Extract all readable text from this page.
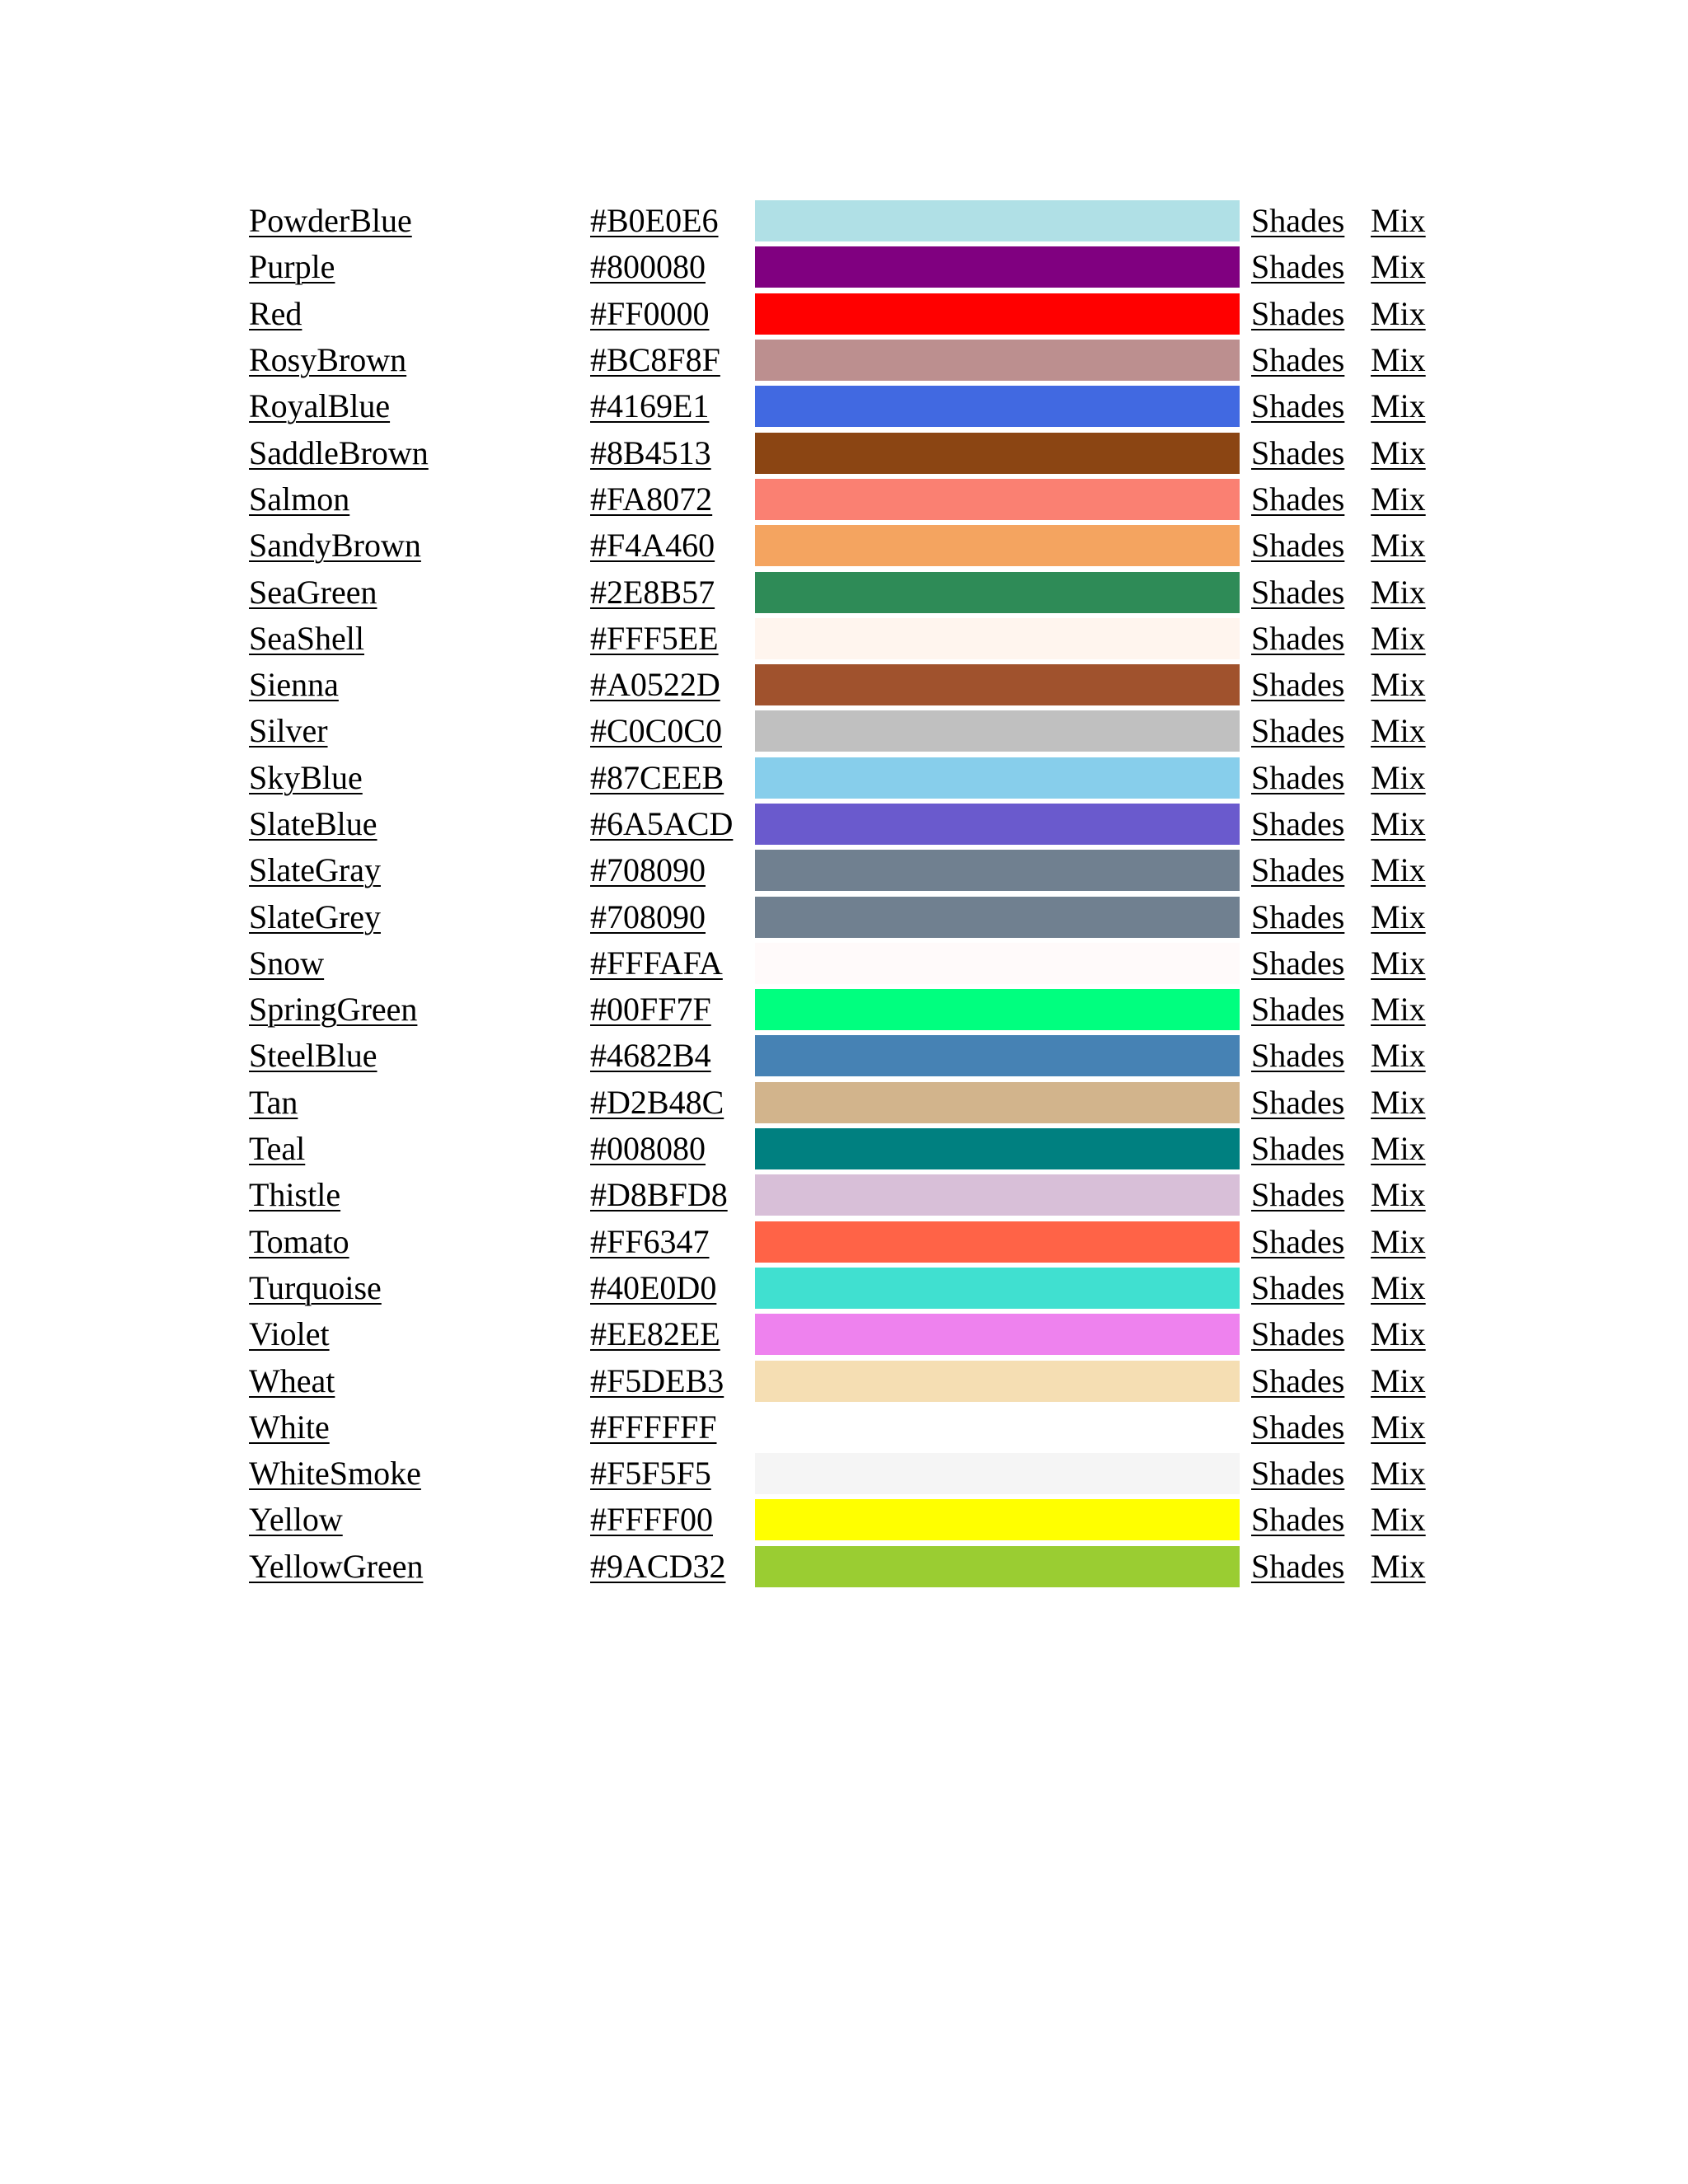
PowderBlue	#B0E0E6		Shades	Mix
Purple	#800080		Shades	Mix
Red	#FF0000		Shades	Mix
RosyBrown	#BC8F8F		Shades	Mix
RoyalBlue	#4169E1		Shades	Mix
SaddleBrown	#8B4513		Shades	Mix
Salmon	#FA8072		Shades	Mix
SandyBrown	#F4A460		Shades	Mix
SeaGreen	#2E8B57		Shades	Mix
SeaShell	#FFF5EE		Shades	Mix
Sienna	#A0522D		Shades	Mix
Silver	#C0C0C0		Shades	Mix
SkyBlue	#87CEEB		Shades	Mix
SlateBlue	#6A5ACD		Shades	Mix
SlateGray	#708090		Shades	Mix
SlateGrey	#708090		Shades	Mix
Snow	#FFFAFA		Shades	Mix
SpringGreen	#00FF7F		Shades	Mix
SteelBlue	#4682B4		Shades	Mix
Tan	#D2B48C		Shades	Mix
Teal	#008080		Shades	Mix
Thistle	#D8BFD8		Shades	Mix
Tomato	#FF6347		Shades	Mix
Turquoise	#40E0D0		Shades	Mix
Violet	#EE82EE		Shades	Mix
Wheat	#F5DEB3		Shades	Mix
White	#FFFFFF		Shades	Mix
WhiteSmoke	#F5F5F5		Shades	Mix
Yellow	#FFFF00		Shades	Mix
YellowGreen	#9ACD32		Shades	Mix
